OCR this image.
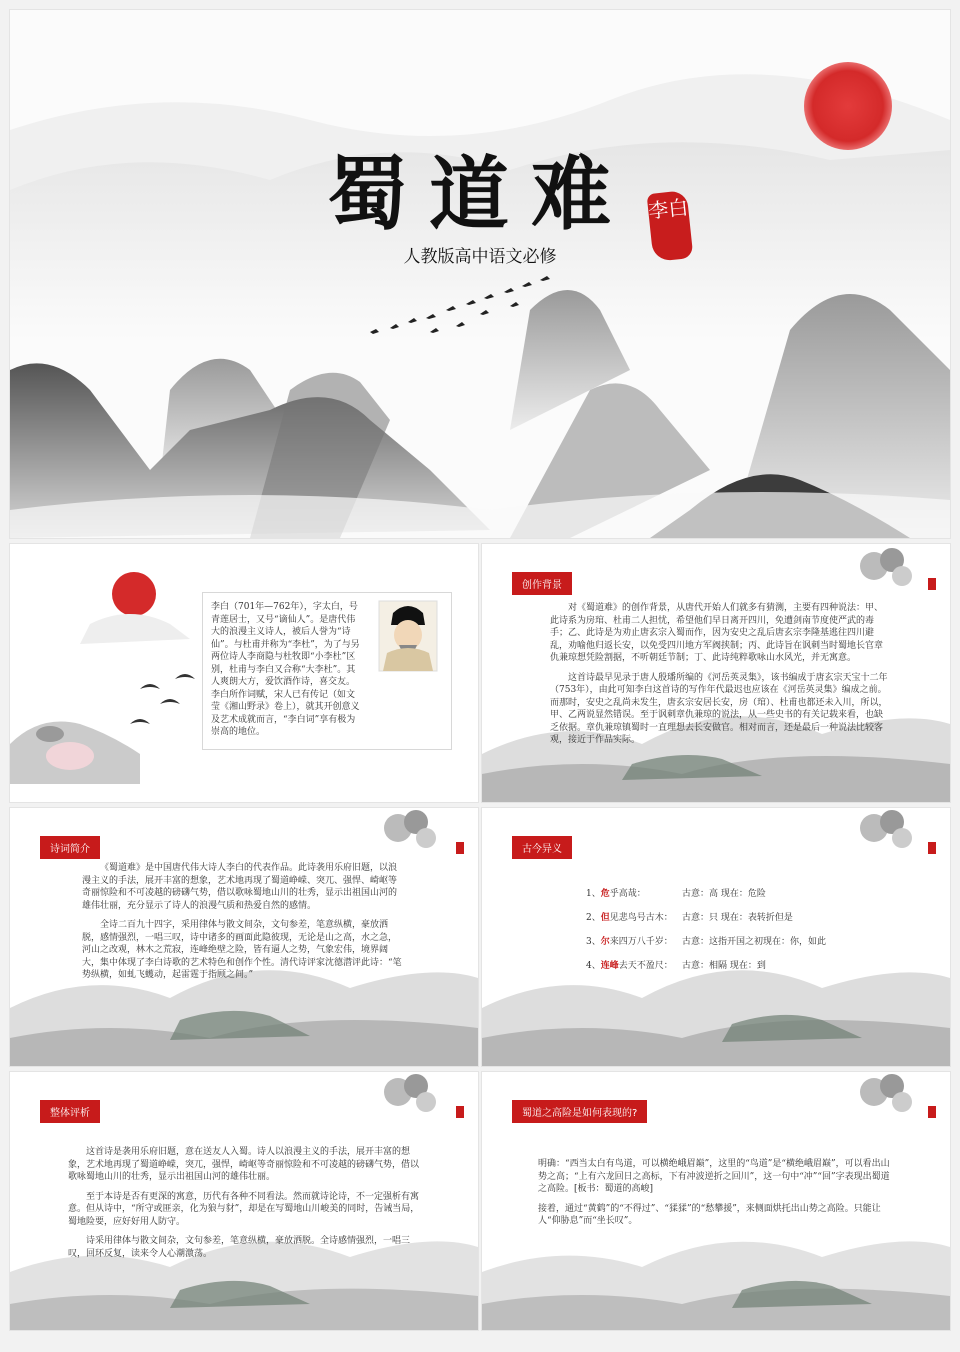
蜀道难
人教版高中语文必修
李白
李白（701年—762年），字太白，号青莲居士，又号“谪仙人”。是唐代伟大的浪漫主义诗人，被后人誉为“诗仙”。与杜甫并称为“李杜”，为了与另两位诗人李商隐与杜牧即“小李杜”区别，杜甫与李白又合称“大李杜”。其人爽朗大方，爱饮酒作诗，喜交友。李白所作词赋，宋人已有传记（如文莹《湘山野录》卷上），就其开创意义及艺术成就而言，“李白词”享有极为崇高的地位。
创作背景

对《蜀道难》的创作背景，从唐代开始人们就多有猜测，主要有四种说法：甲、此诗系为房琯、杜甫二人担忧，希望他们早日离开四川，免遭剑南节度使严武的毒手；乙、此诗是为劝止唐玄宗入蜀而作，因为安史之乱后唐玄宗李隆基逃往四川避乱，劝喻他归返长安，以免受四川地方军阀挟制；丙、此诗旨在讽刺当时蜀地长官章仇兼琼想凭险割据，不听朝廷节制；丁、此诗纯粹歌咏山水风光，并无寓意。

这首诗最早见录于唐人殷璠所编的《河岳英灵集》，该书编成于唐玄宗天宝十二年（753年），由此可知李白这首诗的写作年代最迟也应该在《河岳英灵集》编成之前。而那时，安史之乱尚未发生，唐玄宗安居长安，房（琯）、杜甫也都还未入川，所以，甲、乙两说显然错误。至于讽刺章仇兼琼的说法，从一些史书的有关记载来看，也缺乏依据。章仇兼琼镇蜀时一直理想去长安做官。相对而言，还是最后一种说法比较客观，接近于作品实际。

诗词简介

《蜀道难》是中国唐代伟大诗人李白的代表作品。此诗袭用乐府旧题，以浪漫主义的手法，展开丰富的想象，艺术地再现了蜀道峥嵘、突兀、强悍、崎岖等奇丽惊险和不可凌越的磅礴气势，借以歌咏蜀地山川的壮秀，显示出祖国山河的雄伟壮丽，充分显示了诗人的浪漫气质和热爱自然的感情。

全诗二百九十四字，采用律体与散文间杂，文句参差，笔意纵横，豪放洒脱，感情强烈，一唱三叹，诗中诸多的画面此隐彼现，无论是山之高，水之急，河山之改观，林木之荒寂，连峰绝壁之险，皆有逼人之势，气象宏伟，境界阔大，集中体现了李白诗歌的艺术特色和创作个性。清代诗评家沈德潜评此诗：“笔势纵横，如虬飞蠖动，起雷霆于指顾之间。”

古今异义
1、危乎高哉：	古意：高 现在：危险
2、但见悲鸟号古木： 古意：只 现在：表转折但是
3、尔来四万八千岁： 古意：这指开国之初现在：你，如此
4、连峰去天不盈尺： 古意：相隔 现在：到
整体评析

这首诗是袭用乐府旧题，意在送友人入蜀。诗人以浪漫主义的手法，展开丰富的想象，艺术地再现了蜀道峥嵘，突兀，强悍，崎岖等奇丽惊险和不可凌越的磅礴气势，借以歌咏蜀地山川的壮秀，显示出祖国山河的雄伟壮丽。

至于本诗是否有更深的寓意，历代有各种不同看法。然而就诗论诗，不一定强析有寓意。但从诗中，“所守或匪亲，化为狼与豺”，却是在写蜀地山川峻美的同时，告诫当局，蜀地险要，应好好用人防守。

诗采用律体与散文间杂，文句参差，笔意纵横，豪放洒脱。全诗感情强烈，一唱三叹，回环反复，读来令人心潮激荡。

蜀道之高险是如何表现的?

明确：“西当太白有鸟道，可以横绝峨眉巅”，这里的“鸟道”是“横绝峨眉巅”，可以看出山势之高；“上有六龙回日之高标，下有冲波逆折之回川”，这一句中“冲”“回”字表现出蜀道之高险。[板书：蜀道的高峻]

接着，通过“黄鹤”的“不得过”、“猱猱”的“愁攀援”，来侧面烘托出山势之高险。只能让人“仰胁息”而“坐长叹”。
